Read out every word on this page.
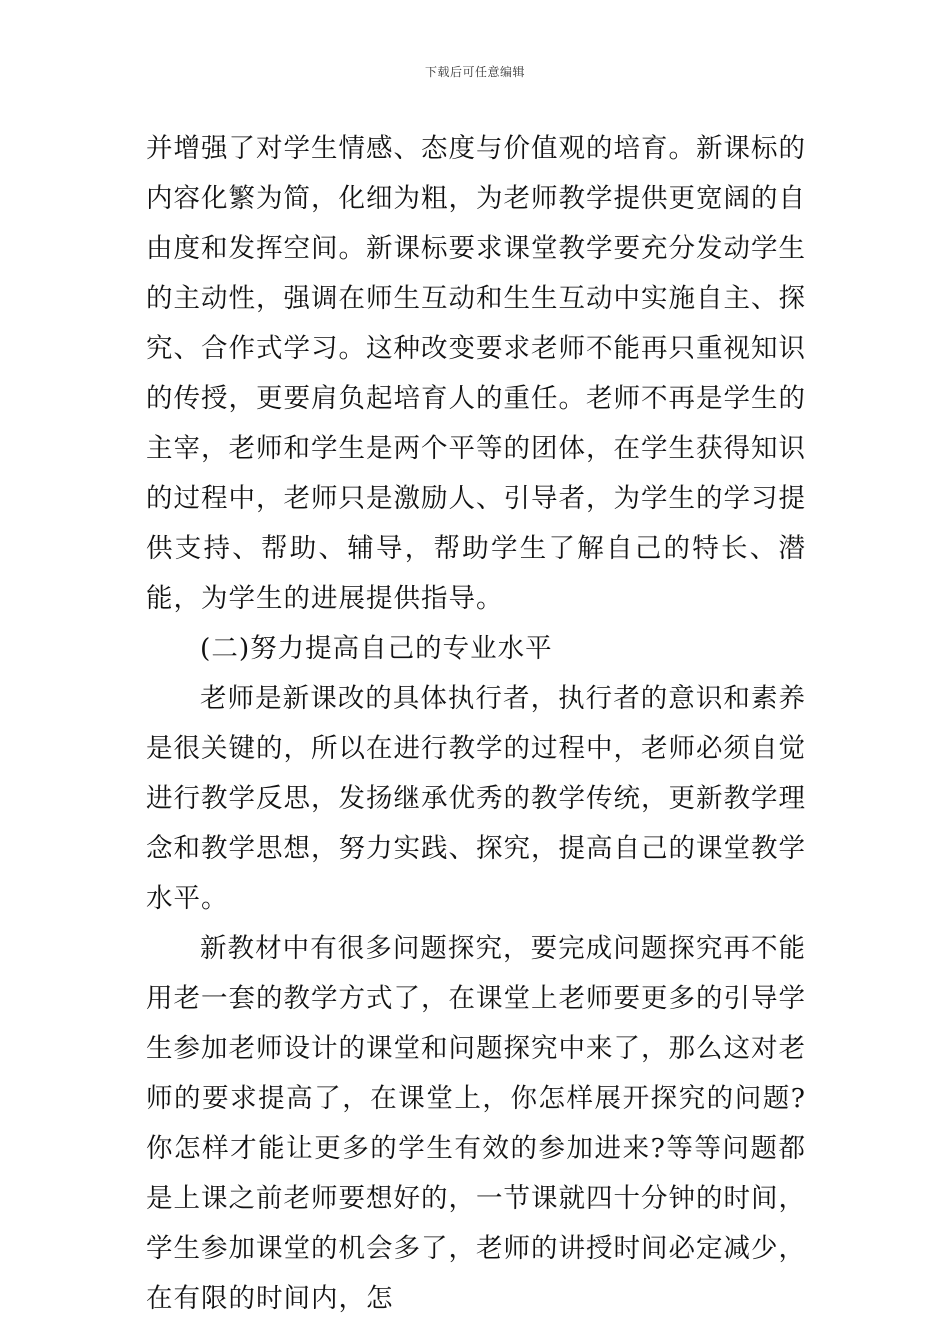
下载后可任意编辑

并增强了对学生情感、态度与价值观的培育。新课标的内容化繁为简，化细为粗，为老师教学提供更宽阔的自由度和发挥空间。新课标要求课堂教学要充分发动学生的主动性，强调在师生互动和生生互动中实施自主、探究、合作式学习。这种改变要求老师不能再只重视知识的传授，更要肩负起培育人的重任。老师不再是学生的主宰，老师和学生是两个平等的团体，在学生获得知识的过程中，老师只是激励人、引导者，为学生的学习提供支持、帮助、辅导，帮助学生了解自己的特长、潜能，为学生的进展提供指导。

(二)努力提高自己的专业水平

老师是新课改的具体执行者，执行者的意识和素养是很关键的，所以在进行教学的过程中，老师必须自觉进行教学反思，发扬继承优秀的教学传统，更新教学理念和教学思想，努力实践、探究，提高自己的课堂教学水平。

新教材中有很多问题探究，要完成问题探究再不能用老一套的教学方式了，在课堂上老师要更多的引导学生参加老师设计的课堂和问题探究中来了，那么这对老师的要求提高了，在课堂上，你怎样展开探究的问题?你怎样才能让更多的学生有效的参加进来?等等问题都是上课之前老师要想好的，一节课就四十分钟的时间，学生参加课堂的机会多了，老师的讲授时间必定减少，在有限的时间内，怎
